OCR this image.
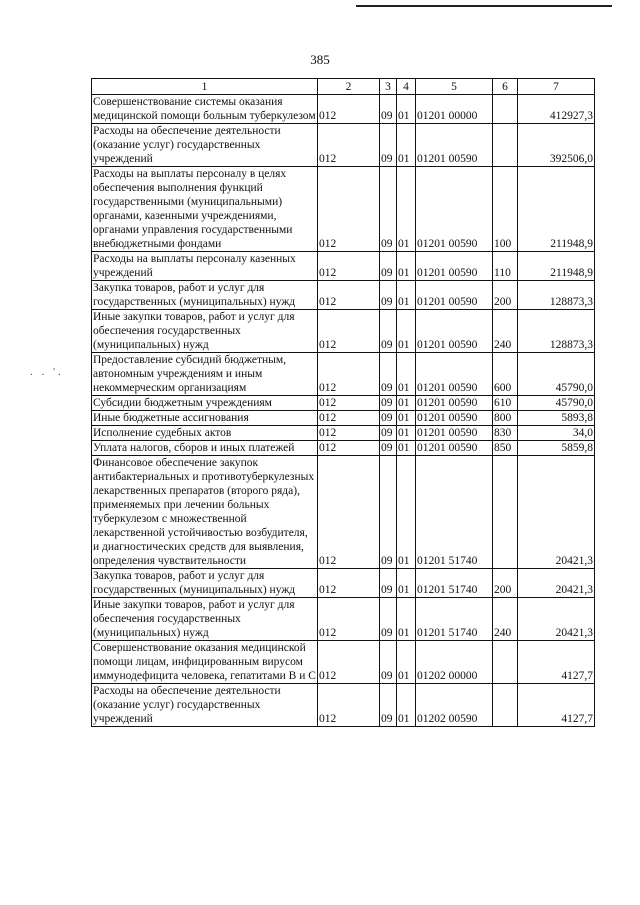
385
. . '.
1	2	3	4	5	6	7
Совершенствование системы оказания медицинской помощи больным туберкулезом	012	09	01	01201 00000		412927,3
Расходы на обеспечение деятельности (оказание услуг) государственных учреждений	012	09	01	01201 00590		392506,0
Расходы на выплаты персоналу в целях обеспечения выполнения функций государственными (муниципальными) органами, казенными учреждениями, органами управления государственными внебюджетными фондами	012	09	01	01201 00590	100	211948,9
Расходы на выплаты персоналу казенных учреждений	012	09	01	01201 00590	110	211948,9
Закупка товаров, работ и услуг для государственных (муниципальных) нужд	012	09	01	01201 00590	200	128873,3
Иные закупки товаров, работ и услуг для обеспечения государственных (муниципальных) нужд	012	09	01	01201 00590	240	128873,3
Предоставление субсидий бюджетным, автономным учреждениям и иным некоммерческим организациям	012	09	01	01201 00590	600	45790,0
Субсидии бюджетным учреждениям	012	09	01	01201 00590	610	45790,0
Иные бюджетные ассигнования	012	09	01	01201 00590	800	5893,8
Исполнение судебных актов	012	09	01	01201 00590	830	34,0
Уплата налогов, сборов и иных платежей	012	09	01	01201 00590	850	5859,8
Финансовое обеспечение закупок антибактериальных и противотуберкулезных лекарственных препаратов (второго ряда), применяемых при лечении больных туберкулезом с множественной лекарственной устойчивостью возбудителя, и диагностических средств для выявления, определения чувствительности	012	09	01	01201 51740		20421,3
Закупка товаров, работ и услуг для государственных (муниципальных) нужд	012	09	01	01201 51740	200	20421,3
Иные закупки товаров, работ и услуг для обеспечения государственных (муниципальных) нужд	012	09	01	01201 51740	240	20421,3
Совершенствование оказания медицинской помощи лицам, инфицированным вирусом иммунодефицита человека, гепатитами В и С	012	09	01	01202 00000		4127,7
Расходы на обеспечение деятельности (оказание услуг) государственных учреждений	012	09	01	01202 00590		4127,7
